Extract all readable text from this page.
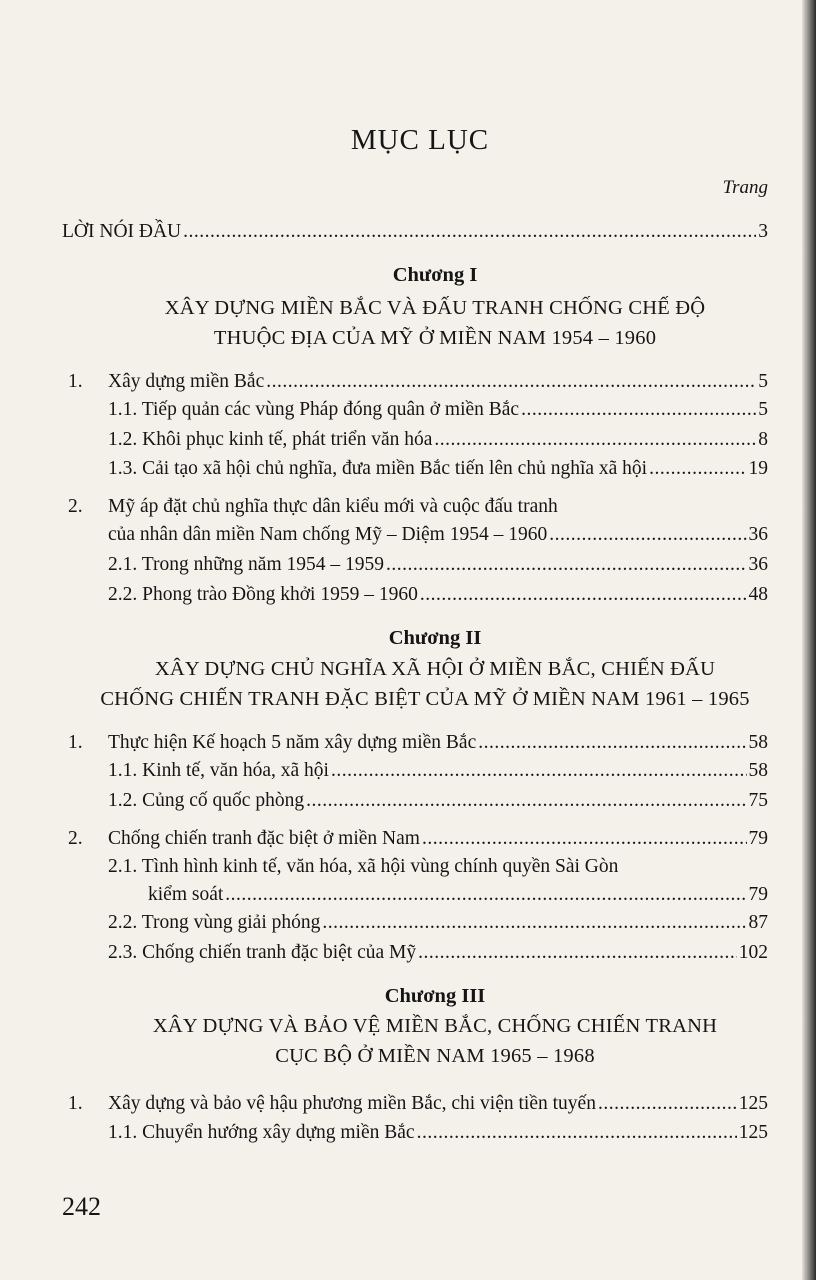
MỤC LỤC
Trang
LỜI NÓI ĐẦU .....	3
Chương I
XÂY DỰNG MIỀN BẮC VÀ ĐẤU TRANH CHỐNG CHẾ ĐỘ
THUỘC ĐỊA CỦA MỸ Ở MIỀN NAM 1954 – 1960
1. Xây dựng miền Bắc .....	5
1.1. Tiếp quản các vùng Pháp đóng quân ở miền Bắc .....	5
1.2. Khôi phục kinh tế, phát triển văn hóa .....	8
1.3. Cải tạo xã hội chủ nghĩa, đưa miền Bắc tiến lên chủ nghĩa xã hội .....	19
2. Mỹ áp đặt chủ nghĩa thực dân kiểu mới và cuộc đấu tranh
của nhân dân miền Nam chống Mỹ – Diệm 1954 – 1960 .....	36
2.1. Trong những năm 1954 – 1959 .....	36
2.2. Phong trào Đồng khởi 1959 – 1960 .....	48
Chương II
XÂY DỰNG CHỦ NGHĨA XÃ HỘI Ở MIỀN BẮC, CHIẾN ĐẤU
CHỐNG CHIẾN TRANH ĐẶC BIỆT CỦA MỸ Ở MIỀN NAM 1961 – 1965
1. Thực hiện Kế hoạch 5 năm xây dựng miền Bắc .....	58
1.1. Kinh tế, văn hóa, xã hội .....	58
1.2. Củng cố quốc phòng .....	75
2. Chống chiến tranh đặc biệt ở miền Nam .....	79
2.1. Tình hình kinh tế, văn hóa, xã hội vùng chính quyền Sài Gòn
kiểm soát .....	79
2.2. Trong vùng giải phóng .....	87
2.3. Chống chiến tranh đặc biệt của Mỹ .....	102
Chương III
XÂY DỰNG VÀ BẢO VỆ MIỀN BẮC, CHỐNG CHIẾN TRANH
CỤC BỘ Ở MIỀN NAM 1965 – 1968
1. Xây dựng và bảo vệ hậu phương miền Bắc, chi viện tiền tuyến .....	125
1.1. Chuyển hướng xây dựng miền Bắc .....	125
242
